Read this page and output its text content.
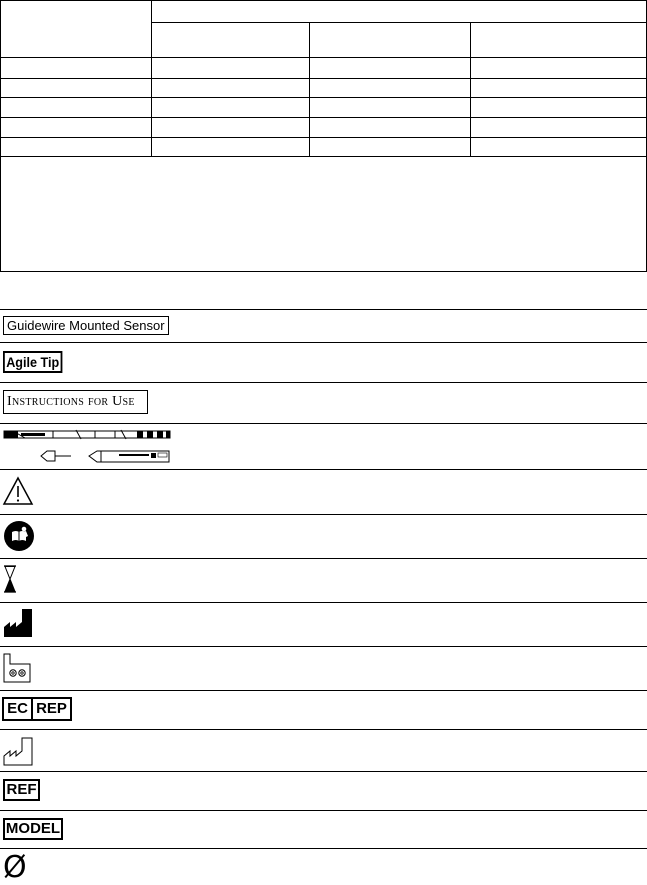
Guidewire Mounted Sensor
Agile Tip
Instructions for Use
EC REP
REF
MODEL
Ø
